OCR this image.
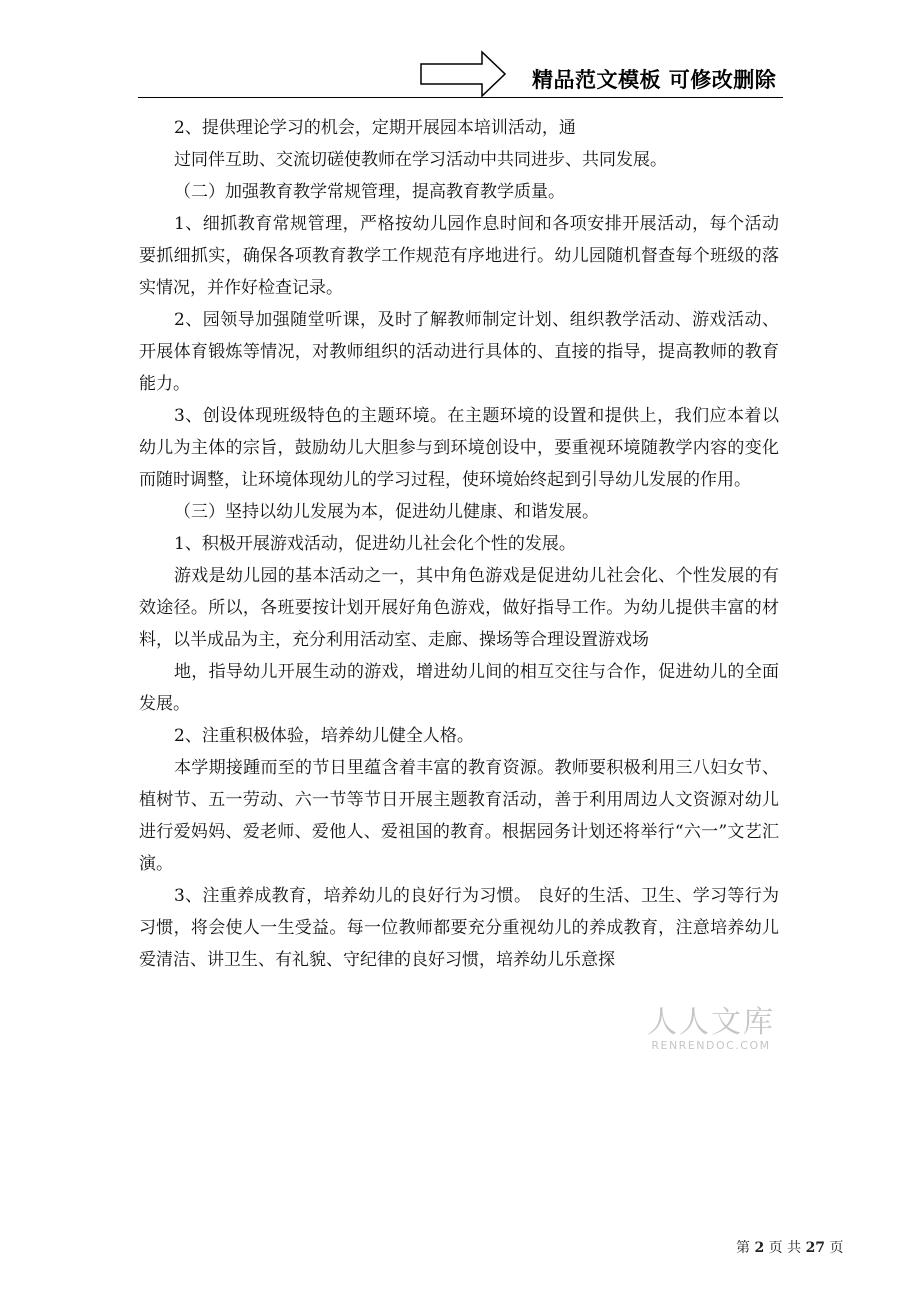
精品范文模板 可修改删除

2、提供理论学习的机会，定期开展园本培训活动，通

过同伴互助、交流切磋使教师在学习活动中共同进步、共同发展。

（二）加强教育教学常规管理，提高教育教学质量。

1、细抓教育常规管理，严格按幼儿园作息时间和各项安排开展活动，每个活动要抓细抓实，确保各项教育教学工作规范有序地进行。幼儿园随机督查每个班级的落实情况，并作好检查记录。

2、园领导加强随堂听课，及时了解教师制定计划、组织教学活动、游戏活动、开展体育锻炼等情况，对教师组织的活动进行具体的、直接的指导，提高教师的教育能力。

3、创设体现班级特色的主题环境。在主题环境的设置和提供上，我们应本着以幼儿为主体的宗旨，鼓励幼儿大胆参与到环境创设中，要重视环境随教学内容的变化而随时调整，让环境体现幼儿的学习过程，使环境始终起到引导幼儿发展的作用。

（三）坚持以幼儿发展为本，促进幼儿健康、和谐发展。

1、积极开展游戏活动，促进幼儿社会化个性的发展。

游戏是幼儿园的基本活动之一，其中角色游戏是促进幼儿社会化、个性发展的有效途径。所以，各班要按计划开展好角色游戏，做好指导工作。为幼儿提供丰富的材料，以半成品为主，充分利用活动室、走廊、操场等合理设置游戏场

地，指导幼儿开展生动的游戏，增进幼儿间的相互交往与合作，促进幼儿的全面发展。

2、注重积极体验，培养幼儿健全人格。

本学期接踵而至的节日里蕴含着丰富的教育资源。教师要积极利用三八妇女节、植树节、五一劳动、六一节等节日开展主题教育活动，善于利用周边人文资源对幼儿进行爱妈妈、爱老师、爱他人、爱祖国的教育。根据园务计划还将举行“六一”文艺汇演。

3、注重养成教育，培养幼儿的良好行为习惯。 良好的生活、卫生、学习等行为习惯，将会使人一生受益。每一位教师都要充分重视幼儿的养成教育，注意培养幼儿爱清洁、讲卫生、有礼貌、守纪律的良好习惯，培养幼儿乐意探

人人文库
RENRENDOC.COM
第 2 页 共 27 页
